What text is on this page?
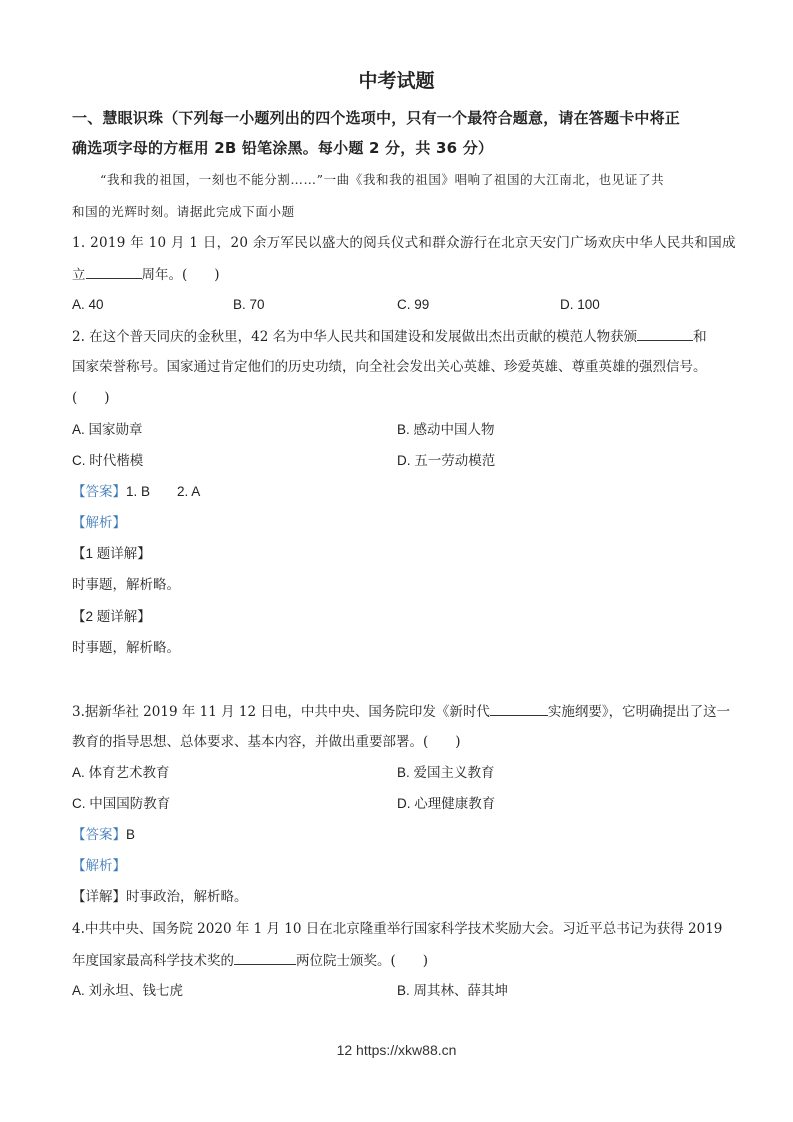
中考试题
一、慧眼识珠（下列每一小题列出的四个选项中，只有一个最符合题意，请在答题卡中将正
确选项字母的方框用 2B 铅笔涂黑。每小题 2 分，共 36 分）
“我和我的祖国，一刻也不能分割……”一曲《我和我的祖国》唱响了祖国的大江南北，也见证了共
和国的光辉时刻。请据此完成下面小题
1. 2019 年 10 月 1 日，20 余万军民以盛大的阅兵仪式和群众游行在北京天安门广场欢庆中华人民共和国成
立	周年。(　　)
A. 40	B. 70	C. 99	D. 100
2. 在这个普天同庆的金秋里，42 名为中华人民共和国建设和发展做出杰出贡献的模范人物获颁	和
国家荣誉称号。国家通过肯定他们的历史功绩，向全社会发出关心英雄、珍爱英雄、尊重英雄的强烈信号。
(　　)
A. 国家勋章	B. 感动中国人物
C. 时代楷模	D. 五一劳动模范
【答案】1. B　　2. A
【解析】
【1 题详解】
时事题，解析略。
【2 题详解】
时事题，解析略。
3.据新华社 2019 年 11 月 12 日电，中共中央、国务院印发《新时代	实施纲要》，它明确提出了这一
教育的指导思想、总体要求、基本内容，并做出重要部署。(　　)
A. 体育艺术教育	B. 爱国主义教育
C. 中国国防教育	D. 心理健康教育
【答案】B
【解析】
【详解】时事政治，解析略。
4.中共中央、国务院 2020 年 1 月 10 日在北京隆重举行国家科学技术奖励大会。习近平总书记为获得 2019
年度国家最高科学技术奖的	两位院士颁奖。(　　)
A. 刘永坦、钱七虎	B. 周其林、薛其坤
12 https://xkw88.cn
